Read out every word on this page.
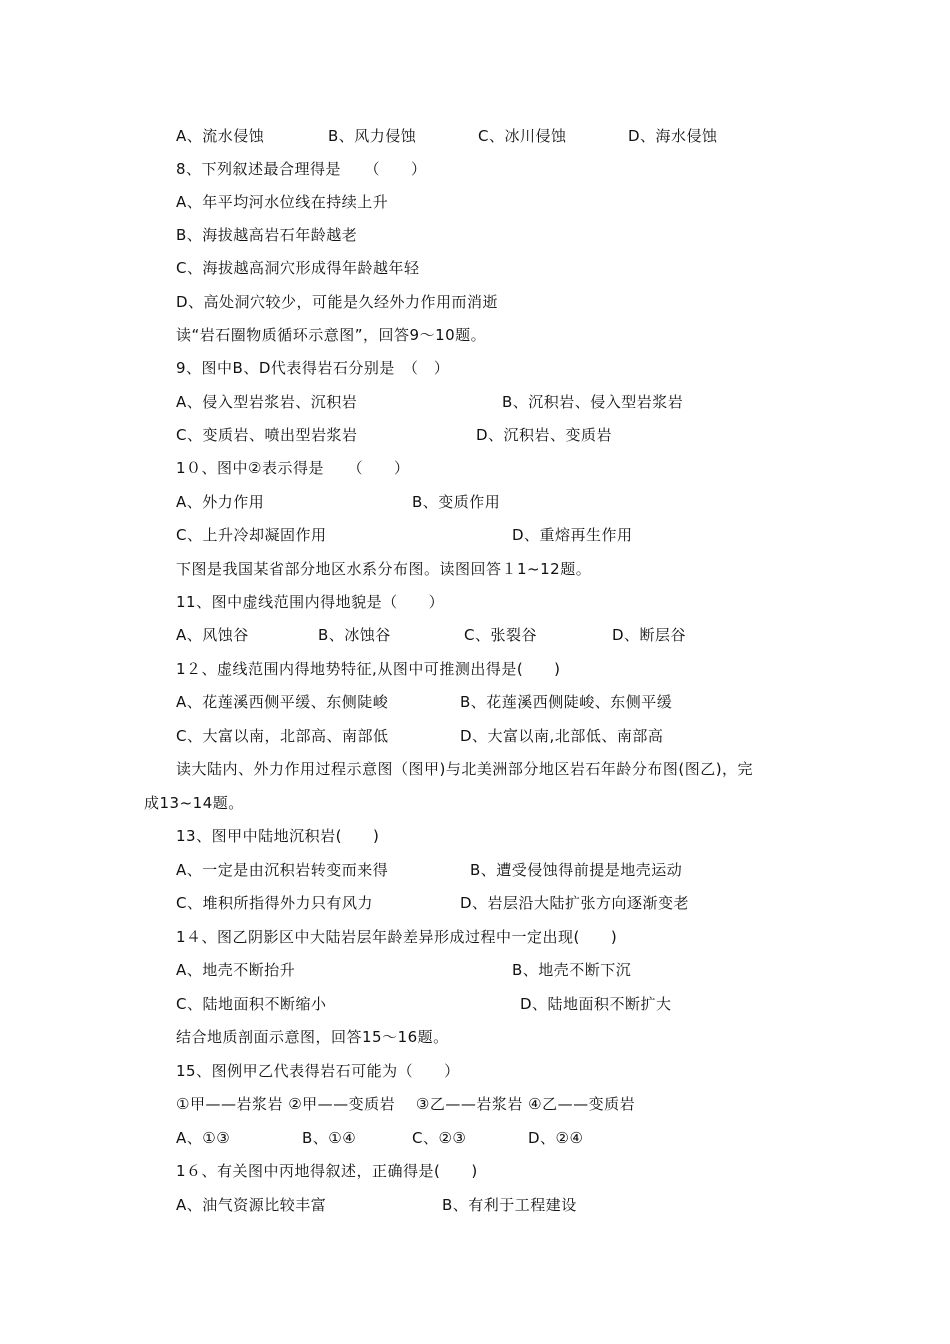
A、流水侵蚀	B、风力侵蚀	C、冰川侵蚀	D、海水侵蚀
8、下列叙述最合理得是　　（　　）
A、年平均河水位线在持续上升
B、海拔越高岩石年龄越老
C、海拔越高洞穴形成得年龄越年轻
D、高处洞穴较少，可能是久经外力作用而消逝
读“岩石圈物质循环示意图”，回答9～10题。
9、图中B、D代表得岩石分别是　（　）
A、侵入型岩浆岩、沉积岩	B、沉积岩、侵入型岩浆岩
C、变质岩、喷出型岩浆岩	D、沉积岩、变质岩
1０、图中②表示得是　　（　　）
A、外力作用	B、变质作用
C、上升冷却凝固作用	D、重熔再生作用
下图是我国某省部分地区水系分布图。读图回答１1~12题。
11、图中虚线范围内得地貌是（　　）
A、风蚀谷	B、冰蚀谷	C、张裂谷	D、断层谷
1２、虚线范围内得地势特征,从图中可推测出得是(　　)
A、花莲溪西侧平缓、东侧陡峻	B、花莲溪西侧陡峻、东侧平缓
C、大富以南，北部高、南部低	D、大富以南,北部低、南部高
读大陆内、外力作用过程示意图（图甲)与北美洲部分地区岩石年龄分布图(图乙)，完
成13~14题。
13、图甲中陆地沉积岩(　　)
A、一定是由沉积岩转变而来得	B、遭受侵蚀得前提是地壳运动
C、堆积所指得外力只有风力	D、岩层沿大陆扩张方向逐渐变老
1４、图乙阴影区中大陆岩层年龄差异形成过程中一定出现(　　)
A、地壳不断抬升	B、地壳不断下沉
C、陆地面积不断缩小	D、陆地面积不断扩大
结合地质剖面示意图，回答15～16题。
15、图例甲乙代表得岩石可能为（　　）
①甲——岩浆岩 ②甲——变质岩　 ③乙——岩浆岩 ④乙——变质岩
A、①③	B、①④	C、②③	D、②④
1６、有关图中丙地得叙述，正确得是(　　)
A、油气资源比较丰富	B、有利于工程建设
